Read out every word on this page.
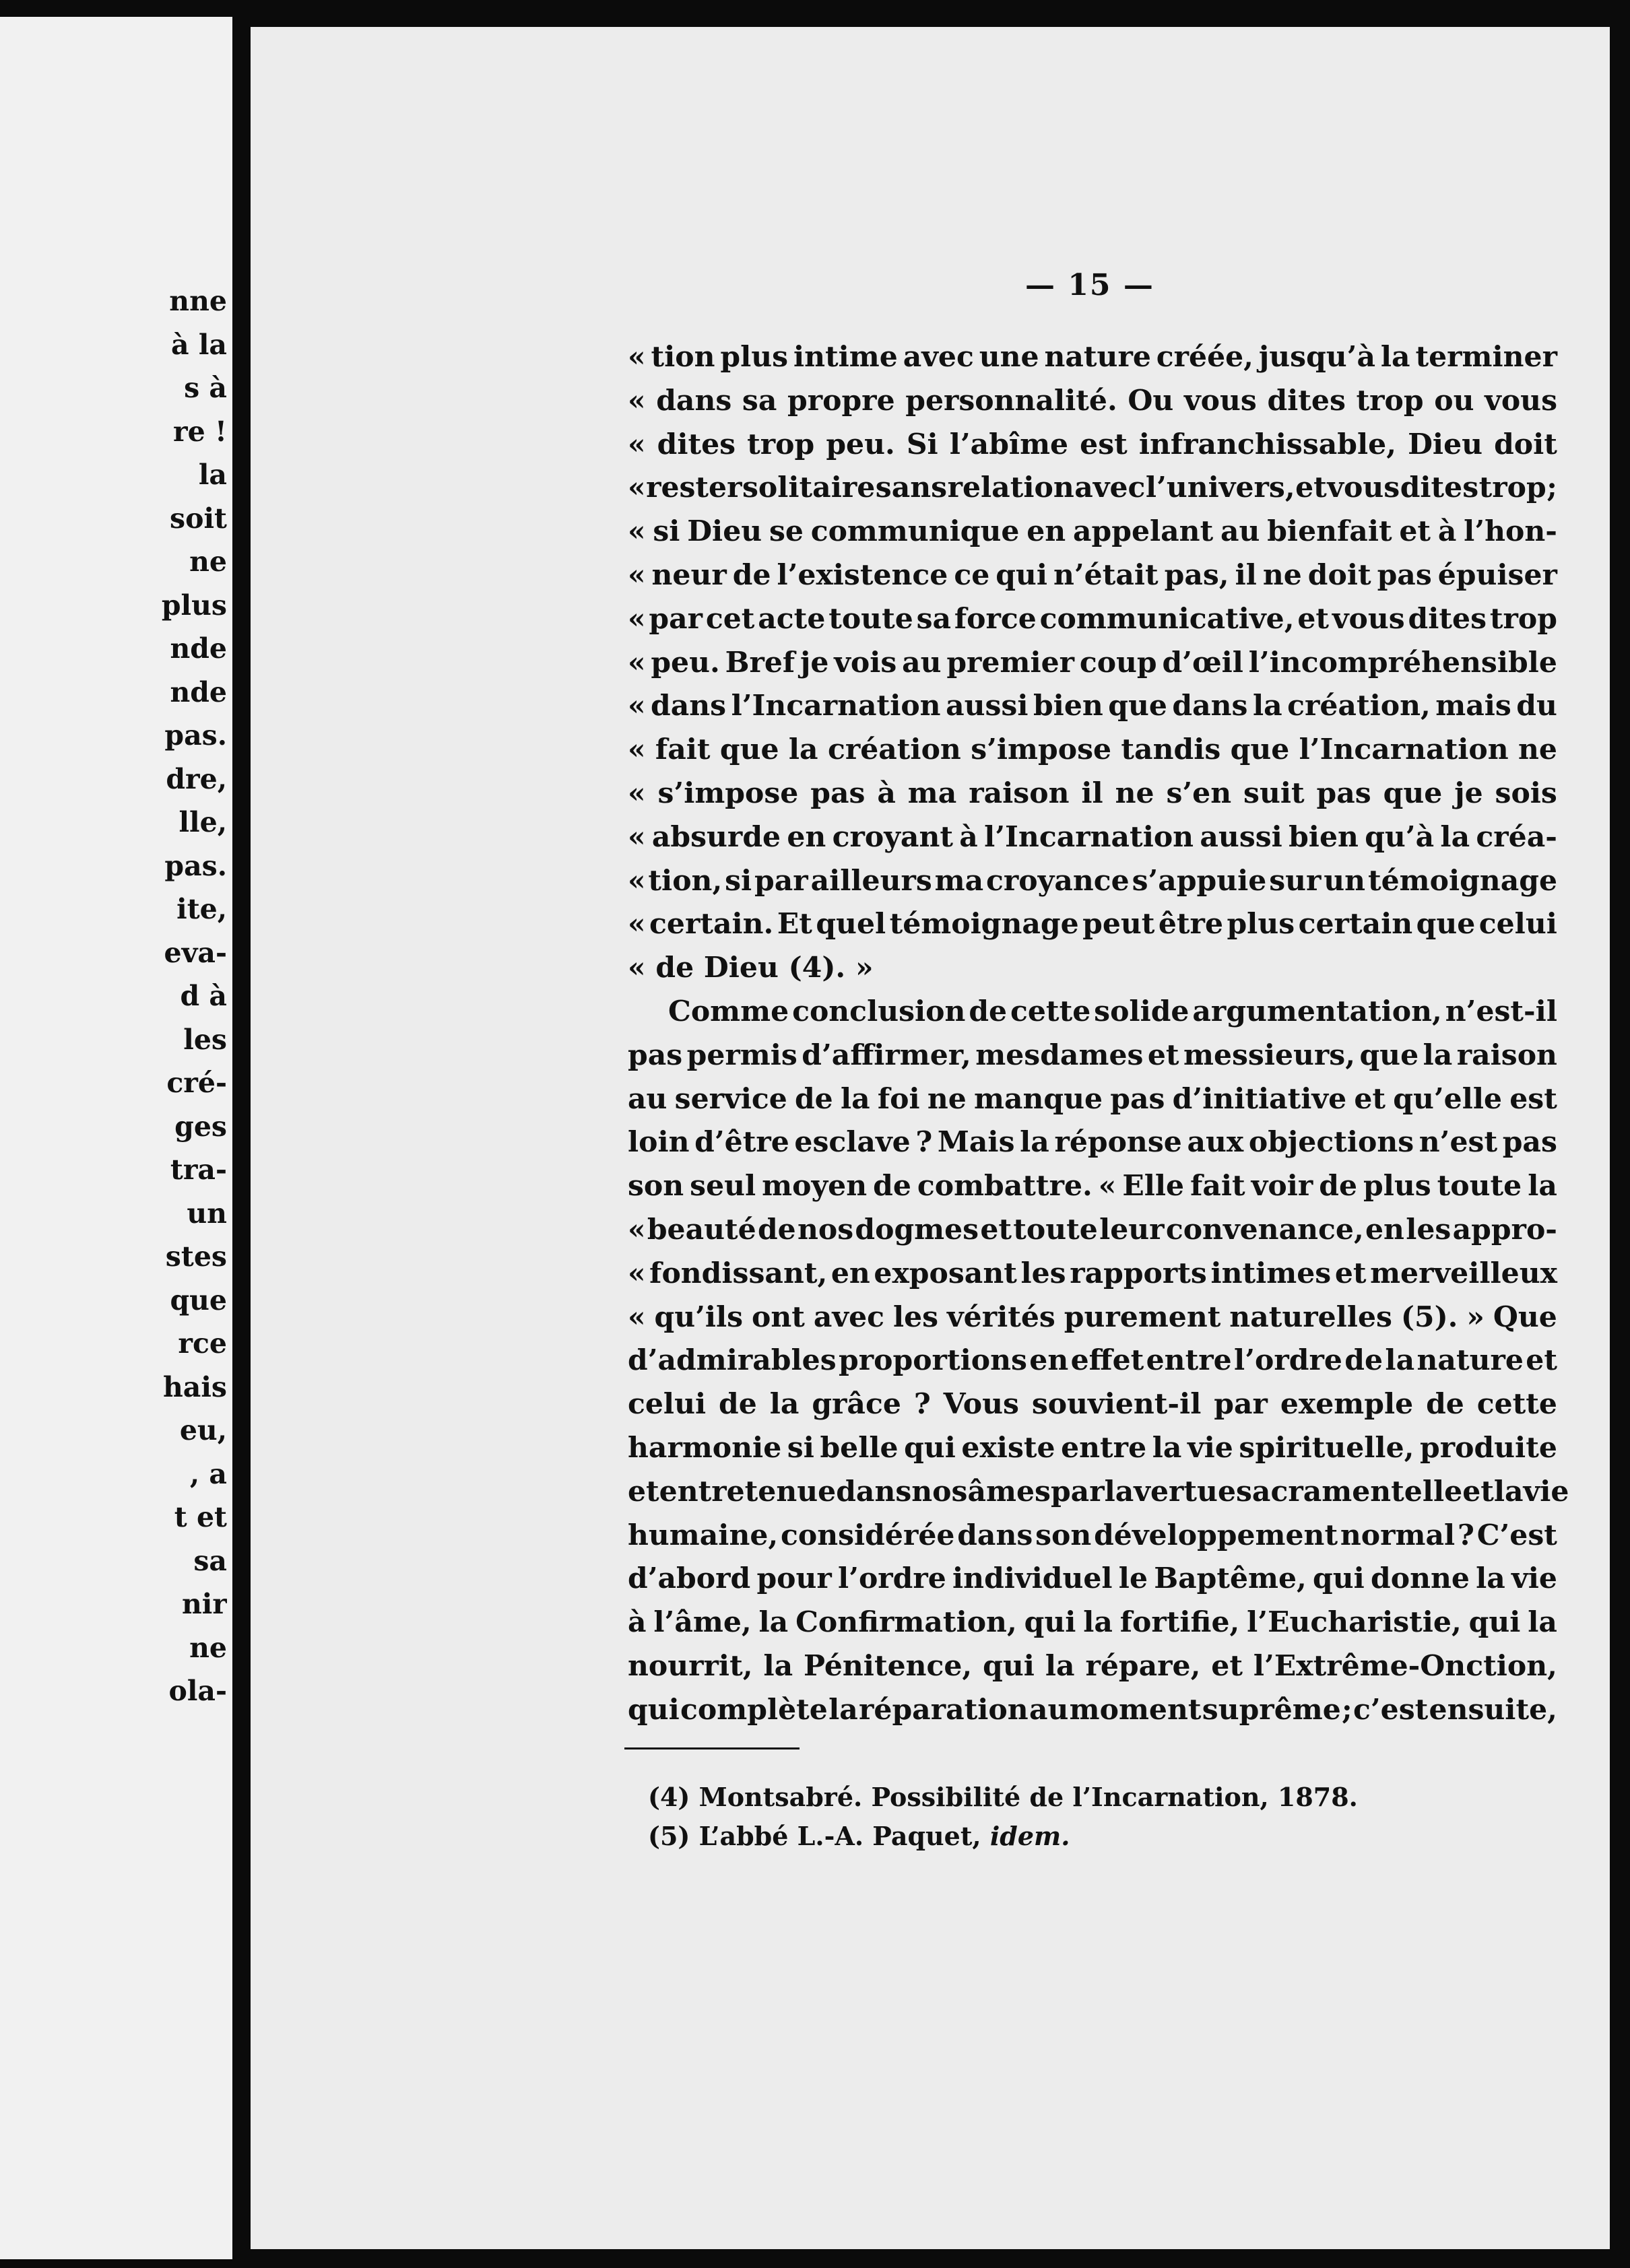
nne
à la
s à
re !
la
soit
ne
plus
nde
nde
pas.
dre,
lle,
pas.
ite,
eva-
d à
les
cré-
ges
tra-
un
stes
que
rce
hais
eu,
, a
t et
sa
nir
ne
ola-
— 15 —
« tion plus intime avec une nature créée, jusqu’à la terminer
« dans sa propre personnalité. Ou vous dites trop ou vous
« dites trop peu. Si l’abîme est infranchissable, Dieu doit
« rester solitaire sans relation avec l’univers, et vous dites trop ;
« si Dieu se communique en appelant au bienfait et à l’hon-
« neur de l’existence ce qui n’était pas, il ne doit pas épuiser
« par cet acte toute sa force communicative, et vous dites trop
« peu. Bref je vois au premier coup d’œil l’incompréhensible
« dans l’Incarnation aussi bien que dans la création, mais du
« fait que la création s’impose tandis que l’Incarnation ne
« s’impose pas à ma raison il ne s’en suit pas que je sois
« absurde en croyant à l’Incarnation aussi bien qu’à la créa-
« tion, si par ailleurs ma croyance s’appuie sur un témoignage
« certain. Et quel témoignage peut être plus certain que celui
« de Dieu (4). »
Comme conclusion de cette solide argumentation, n’est-il
pas permis d’affirmer, mesdames et messieurs, que la raison
au service de la foi ne manque pas d’initiative et qu’elle est
loin d’être esclave ? Mais la réponse aux objections n’est pas
son seul moyen de combattre. « Elle fait voir de plus toute la
« beauté de nos dogmes et toute leur convenance, en les appro-
« fondissant, en exposant les rapports intimes et merveilleux
« qu’ils ont avec les vérités purement naturelles (5). » Que
d’admirables proportions en effet entre l’ordre de la nature et
celui de la grâce ? Vous souvient-il par exemple de cette
harmonie si belle qui existe entre la vie spirituelle, produite
et entretenue dans nos âmes par la vertue sacramentelle et la vie
humaine, considérée dans son développement normal ? C’est
d’abord pour l’ordre individuel le Baptême, qui donne la vie
à l’âme, la Confirmation, qui la fortifie, l’Eucharistie, qui la
nourrit, la Pénitence, qui la répare, et l’Extrême-Onction,
qui complète la réparation au moment suprême ; c’est ensuite,
(4) Montsabré. Possibilité de l’Incarnation, 1878.
(5) L’abbé L.-A. Paquet, idem.
